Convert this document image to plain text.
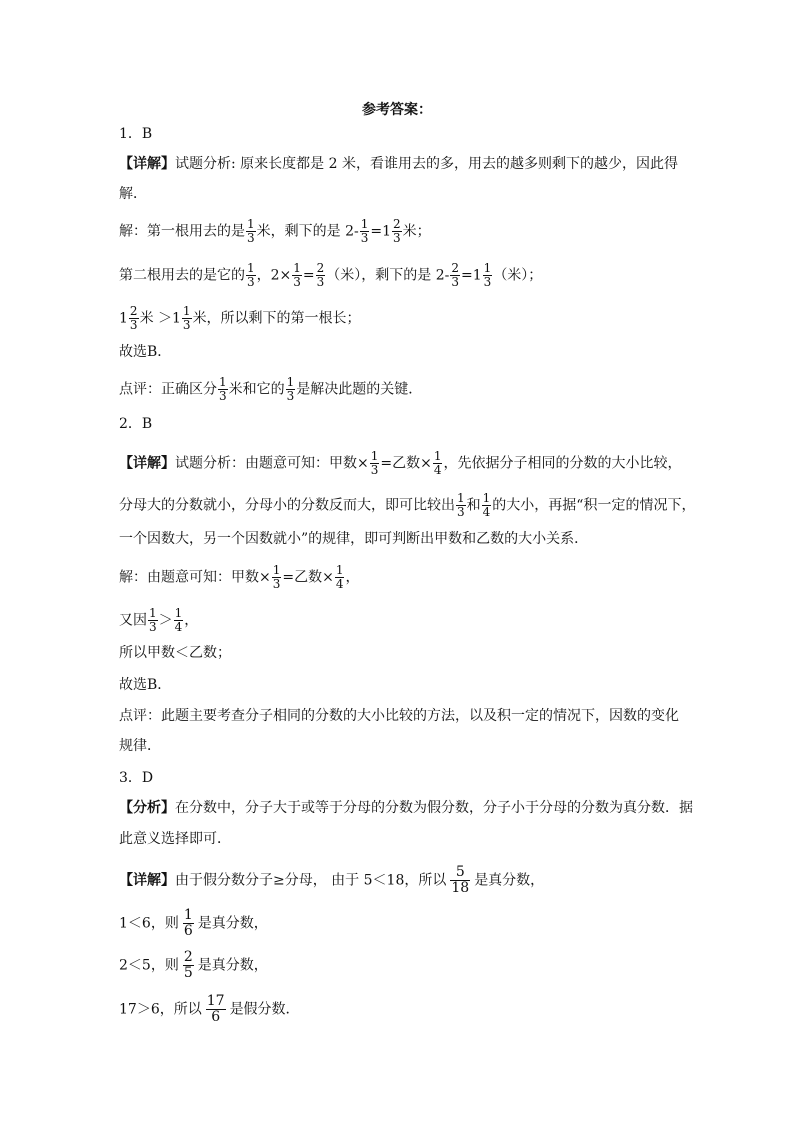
参考答案：
1．B
【详解】试题分析: 原来长度都是 2 米，看谁用去的多，用去的越多则剩下的越少，因此得
解．
解：第一根用去的是 $\frac{1}{3}$ 米，剩下的是 $2- \frac{1}{3} =1 \frac{2}{3}$ 米；
第二根用去的是它的 $\frac{1}{3}$ ，$2\times \frac{1}{3} = \frac{2}{3}$ （米），剩下的是 $2- \frac{2}{3} =1 \frac{1}{3}$ （米）；
$1 \frac{2}{3}$ 米 $>1 \frac{1}{3}$ 米，所以剩下的第一根长；
故选B．
点评：正确区分 $\frac{1}{3}$ 米和它的 $\frac{1}{3}$ 是解决此题的关键．
2．B
【详解】试题分析：由题意可知：甲数× $\frac{1}{3}$ =乙数× $\frac{1}{4}$ ，先依据分子相同的分数的大小比较，
分母大的分数就小，分母小的分数反而大，即可比较出 $\frac{1}{3}$ 和 $\frac{1}{4}$ 的大小，再据“积一定的情况下，
一个因数大，另一个因数就小”的规律，即可判断出甲数和乙数的大小关系．
解：由题意可知：甲数× $\frac{1}{3}$ =乙数× $\frac{1}{4}$ ，
又因 $\frac{1}{3} > \frac{1}{4}$ ，
所以甲数＜乙数；
故选B．
点评：此题主要考查分子相同的分数的大小比较的方法，以及积一定的情况下，因数的变化
规律．
3．D
【分析】在分数中，分子大于或等于分母的分数为假分数，分子小于分母的分数为真分数．据
此意义选择即可．
【详解】由于假分数分子≥分母， 由于 5＜18，所以 $\frac{5}{18}$ 是真分数，
1＜6，则 $\frac{1}{6}$ 是真分数，
2＜5，则 $\frac{2}{5}$ 是真分数，
17＞6，所以 $\frac{17}{6}$ 是假分数．
